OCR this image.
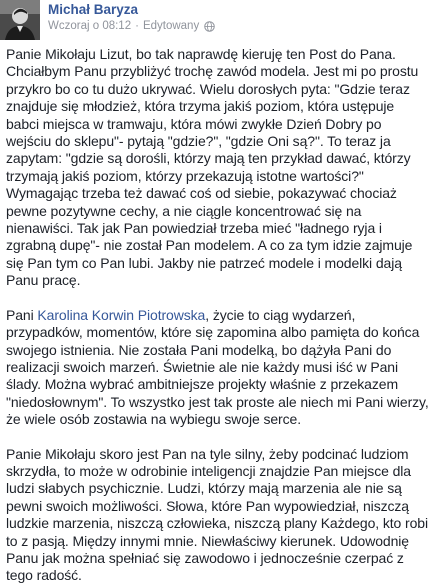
Michał Baryza
Wczoraj o 08:12 · Edytowany

Panie Mikołaju Lizut, bo tak naprawdę kieruję ten Post do Pana. Chciałbym Panu przybliżyć trochę zawód modela. Jest mi po prostu przykro bo co tu dużo ukrywać. Wielu dorosłych pyta: "Gdzie teraz znajduje się młodzież, która trzyma jakiś poziom, która ustępuje babci miejsca w tramwaju, która mówi zwykłe Dzień Dobry po wejściu do sklepu"- pytają "gdzie?", "gdzie Oni są?". To teraz ja zapytam: "gdzie są dorośli, którzy mają ten przykład dawać, którzy trzymają jakiś poziom, którzy przekazują istotne wartości?"

Wymagając trzeba też dawać coś od siebie, pokazywać chociaż pewne pozytywne cechy, a nie ciągle koncentrować się na nienawiści. Tak jak Pan powiedział trzeba mieć "ładnego ryja i zgrabną dupę"- nie został Pan modelem. A co za tym idzie zajmuje się Pan tym co Pan lubi. Jakby nie patrzeć modele i modelki dają Panu pracę.

Pani Karolina Korwin Piotrowska, życie to ciąg wydarzeń, przypadków, momentów, które się zapomina albo pamięta do końca swojego istnienia. Nie została Pani modelką, bo dążyła Pani do realizacji swoich marzeń. Świetnie ale nie każdy musi iść w Pani ślady. Można wybrać ambitniejsze projekty właśnie z przekazem "niedosłownym". To wszystko jest tak proste ale niech mi Pani wierzy, że wiele osób zostawia na wybiegu swoje serce.

Panie Mikołaju skoro jest Pan na tyle silny, żeby podcinać ludziom skrzydła, to może w odrobinie inteligencji znajdzie Pan miejsce dla ludzi słabych psychicznie. Ludzi, którzy mają marzenia ale nie są pewni swoich możliwości. Słowa, które Pan wypowiedział, niszczą ludzkie marzenia, niszczą człowieka, niszczą plany Każdego, kto robi to z pasją. Między innymi mnie. Niewłaściwy kierunek. Udowodnię Panu jak można spełniać się zawodowo i jednocześnie czerpać z tego radość.
